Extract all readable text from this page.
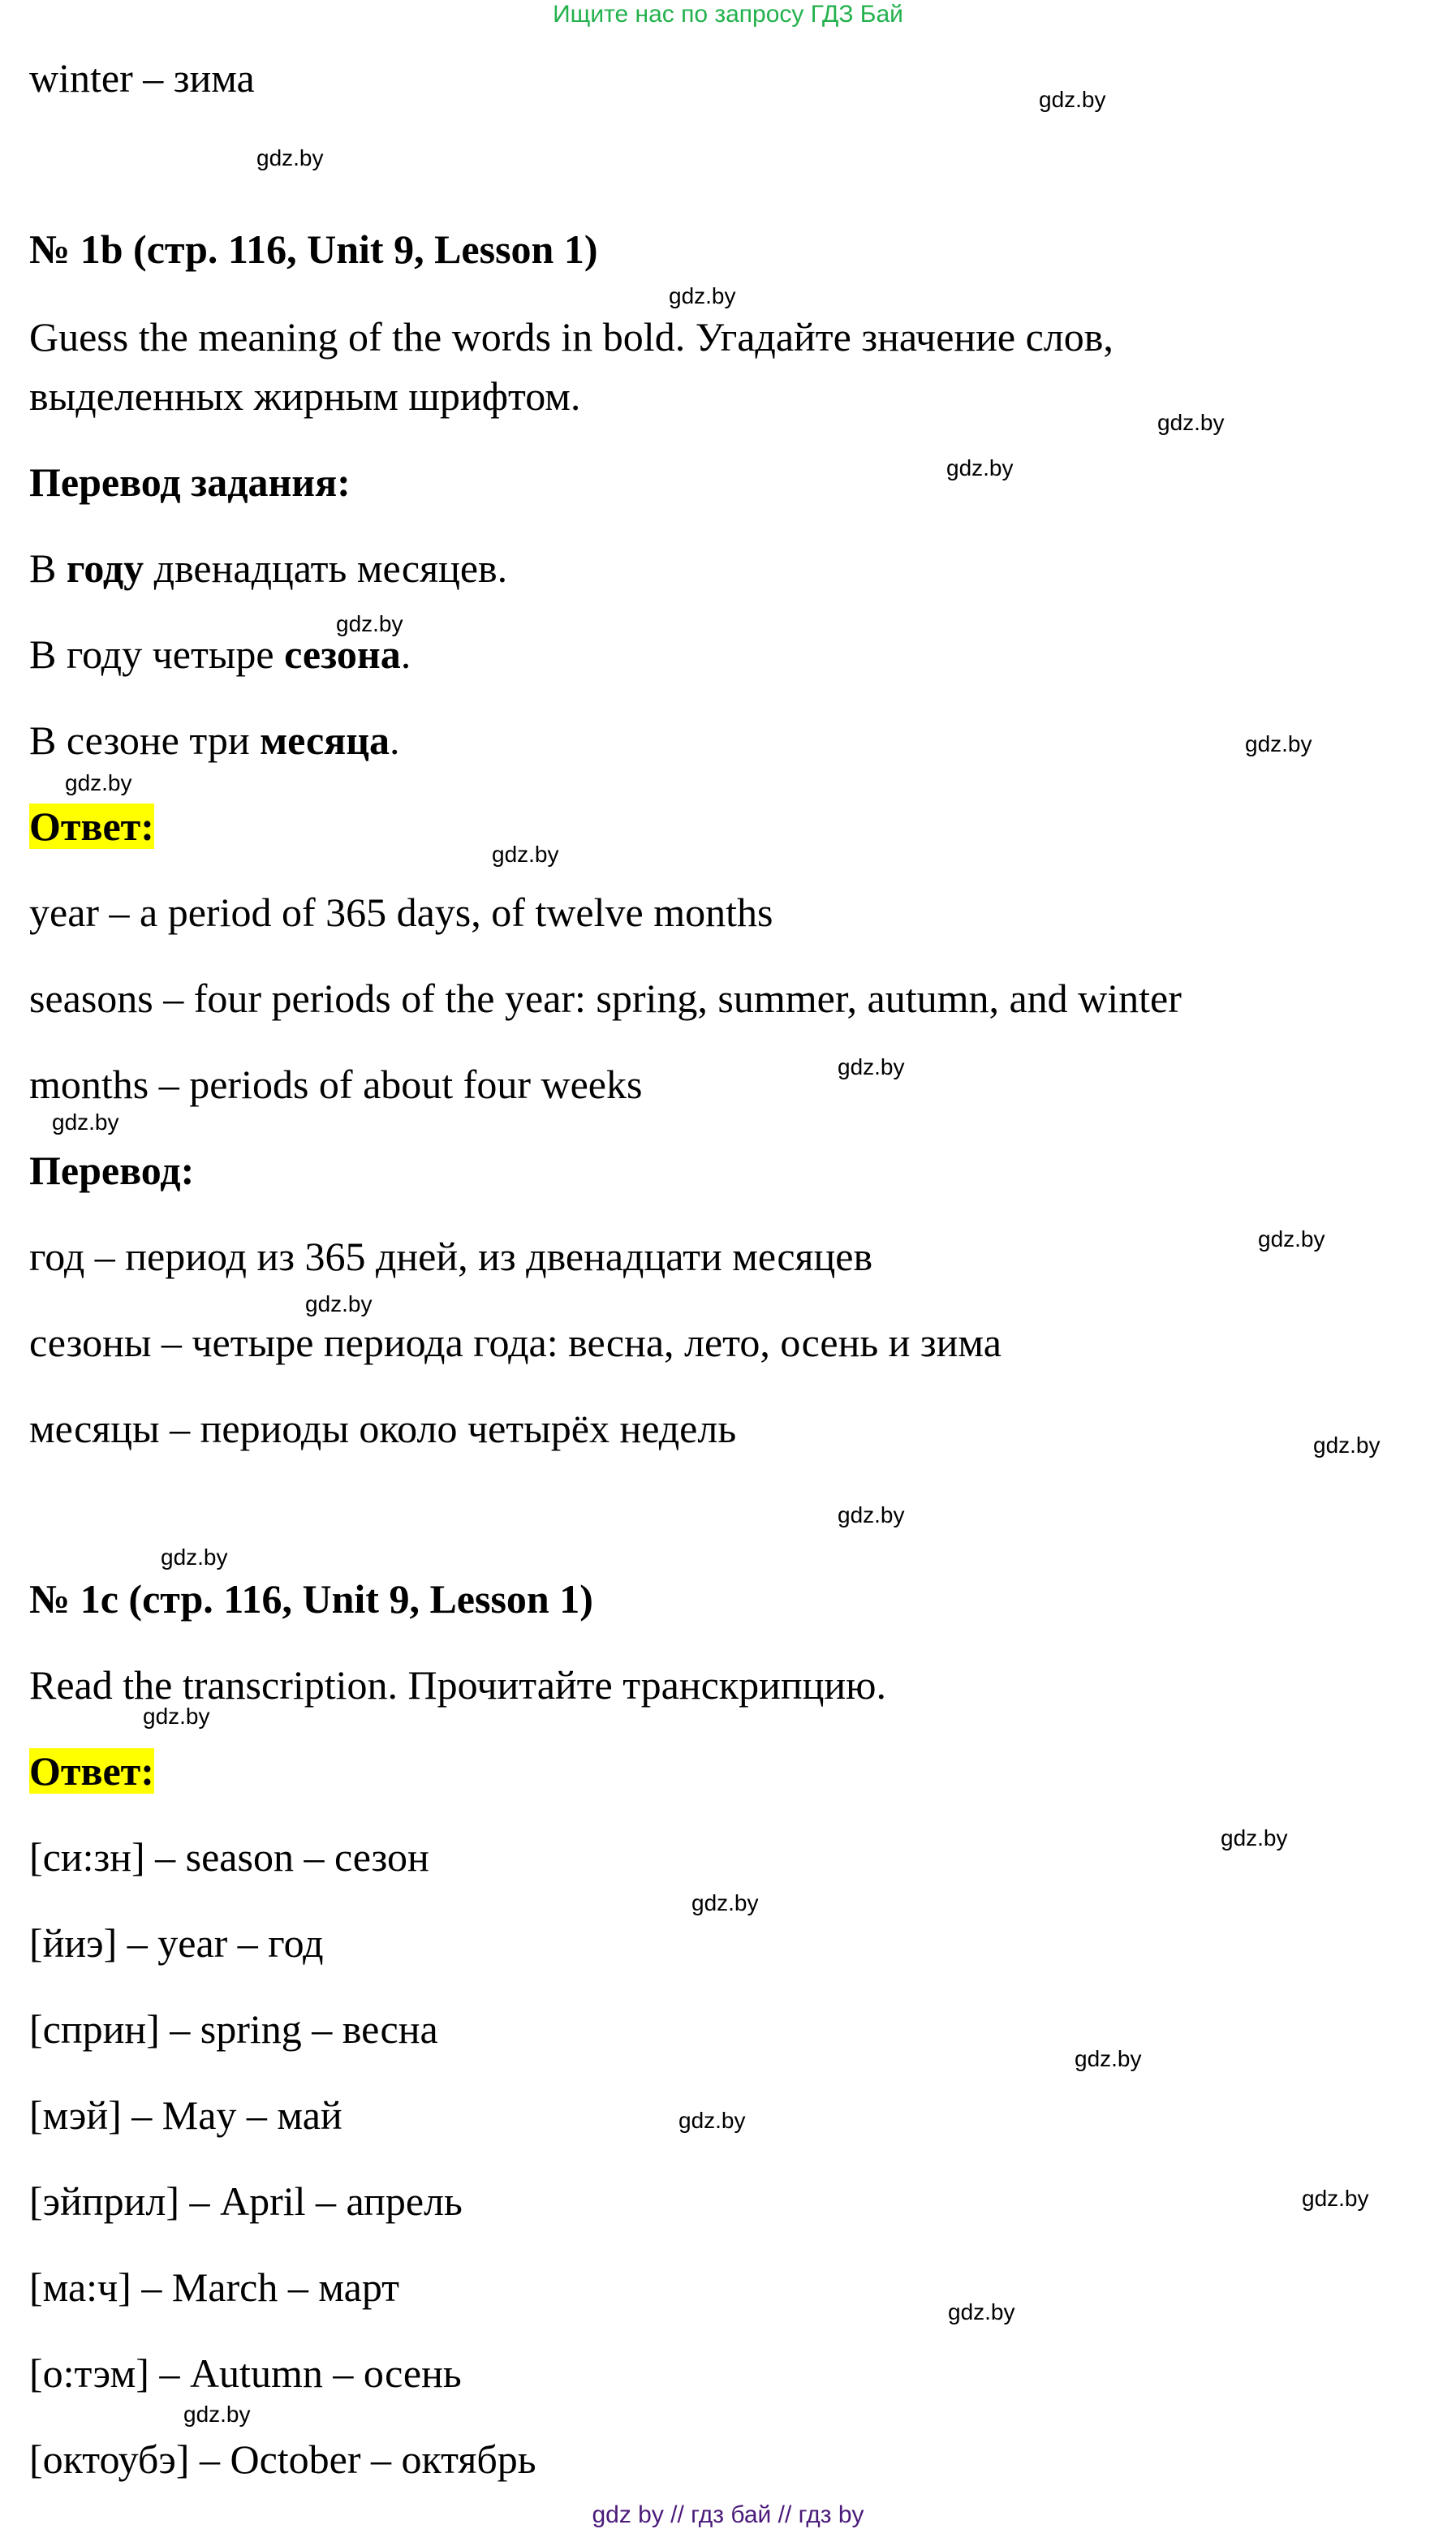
Ищите нас по запросу ГДЗ Бай

winter – зима

№ 1b (стр. 116, Unit 9, Lesson 1)

Guess the meaning of the words in bold. Угадайте значение слов,

выделенных жирным шрифтом.

Перевод задания:

В году двенадцать месяцев.

В году четыре сезона.

В сезоне три месяца.

Ответ:

year – a period of 365 days, of twelve months

seasons – four periods of the year: spring, summer, autumn, and winter

months – periods of about four weeks

Перевод:

год – период из 365 дней, из двенадцати месяцев

сезоны – четыре периода года: весна, лето, осень и зима

месяцы – периоды около четырёх недель

№ 1c (стр. 116, Unit 9, Lesson 1)

Read the transcription. Прочитайте транскрипцию.

Ответ:

[си:зн] – season – сезон

[йиэ] – year – год

[сприн] – spring – весна

[мэй] – May – май

[эйприл] – April – апрель

[ма:ч] – March – март

[о:тэм] – Autumn – осень

[октоубэ] – October – октябрь

gdz.by
gdz.by
gdz.by
gdz.by
gdz.by
gdz.by
gdz.by
gdz.by
gdz.by
gdz.by
gdz.by
gdz.by
gdz.by
gdz.by
gdz.by
gdz.by
gdz.by
gdz.by
gdz.by
gdz.by
gdz.by
gdz.by
gdz.by
gdz.by
gdz by // гдз бай // гдз by
